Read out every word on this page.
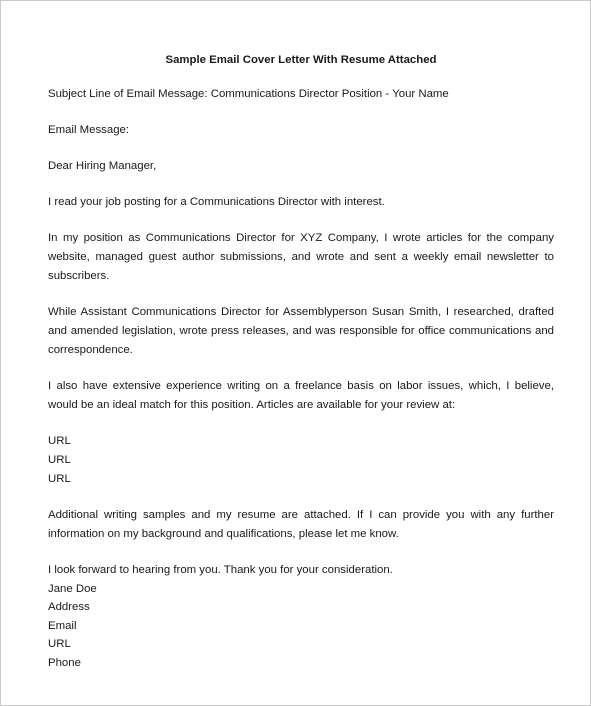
Sample Email Cover Letter With Resume Attached
Subject Line of Email Message: Communications Director Position - Your Name
Email Message:
Dear Hiring Manager,
I read your job posting for a Communications Director with interest.
In my position as Communications Director for XYZ Company, I wrote articles for the company website, managed guest author submissions, and wrote and sent a weekly email newsletter to subscribers.
While Assistant Communications Director for Assemblyperson Susan Smith, I researched, drafted and amended legislation, wrote press releases, and was responsible for office communications and correspondence.
I also have extensive experience writing on a freelance basis on labor issues, which, I believe, would be an ideal match for this position. Articles are available for your review at:
URL
URL
URL
Additional writing samples and my resume are attached. If I can provide you with any further information on my background and qualifications, please let me know.
I look forward to hearing from you. Thank you for your consideration.
Jane Doe
Address
Email
URL
Phone
